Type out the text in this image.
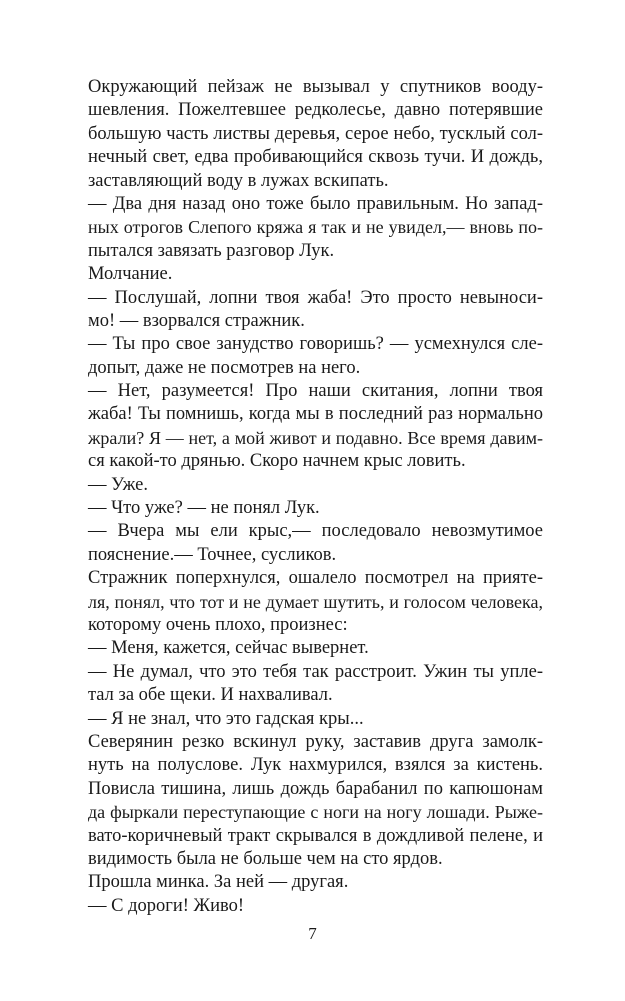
Окружающий пейзаж не вызывал у спутников вооду-
шевления. Пожелтевшее редколесье, давно потерявшие
большую часть листвы деревья, серое небо, тусклый сол-
нечный свет, едва пробивающийся сквозь тучи. И дождь,
заставляющий воду в лужах вскипать.
— Два дня назад оно тоже было правильным. Но запад-
ных отрогов Слепого кряжа я так и не увидел,— вновь по-
пытался завязать разговор Лук.
Молчание.
— Послушай, лопни твоя жаба! Это просто невыноси-
мо! — взорвался стражник.
— Ты про свое занудство говоришь? — усмехнулся сле-
допыт, даже не посмотрев на него.
— Нет, разумеется! Про наши скитания, лопни твоя
жаба! Ты помнишь, когда мы в последний раз нормально
жрали? Я — нет, а мой живот и подавно. Все время давим-
ся какой-то дрянью. Скоро начнем крыс ловить.
— Уже.
— Что уже? — не понял Лук.
— Вчера мы ели крыс,— последовало невозмутимое
пояснение.— Точнее, сусликов.
Стражник поперхнулся, ошалело посмотрел на прияте-
ля, понял, что тот и не думает шутить, и голосом человека,
которому очень плохо, произнес:
— Меня, кажется, сейчас вывернет.
— Не думал, что это тебя так расстроит. Ужин ты упле-
тал за обе щеки. И нахваливал.
— Я не знал, что это гадская кры...
Северянин резко вскинул руку, заставив друга замолк-
нуть на полуслове. Лук нахмурился, взялся за кистень.
Повисла тишина, лишь дождь барабанил по капюшонам
да фыркали переступающие с ноги на ногу лошади. Рыже-
вато-коричневый тракт скрывался в дождливой пелене, и
видимость была не больше чем на сто ярдов.
Прошла минка. За ней — другая.
— С дороги! Живо!
7
